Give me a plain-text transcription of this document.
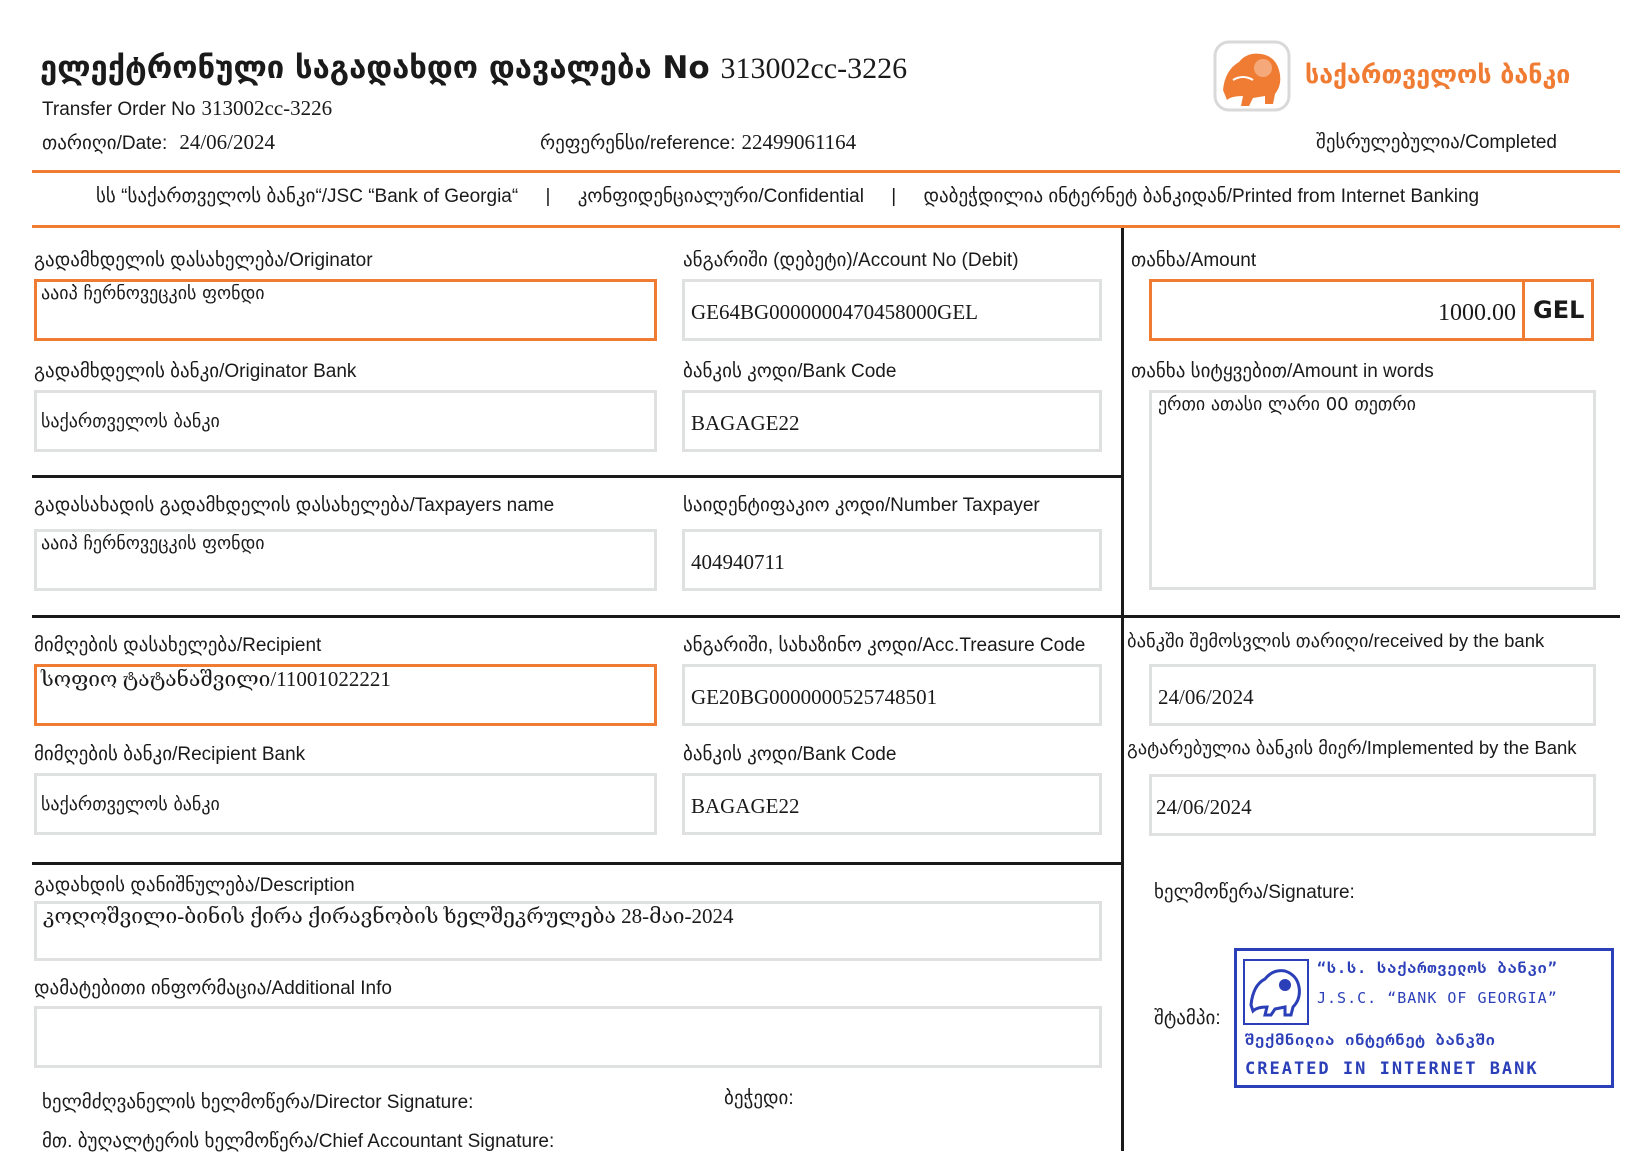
ელექტრონული საგადახდო დავალება No 313002cc-3226
Transfer Order No 313002cc-3226
თარიღი/Date: 24/06/2024	რეფერენსი/reference: 22499061164	შესრულებულია/Completed
საქართველოს ბანკი
სს “საქართველოს ბანკი“/JSC “Bank of Georgia“ | კონფიდენციალური/Confidential | დაბეჭდილია ინტერნეტ ბანკიდან/Printed from Internet Banking
გადამხდელის დასახელება/Originator
ააიპ ჩერნოვეცკის ფონდი
ანგარიში (დებეტი)/Account No (Debit)
GE64BG0000000470458000GEL
გადამხდელის ბანკი/Originator Bank
საქართველოს ბანკი
ბანკის კოდი/Bank Code
BAGAGE22
თანხა/Amount
1000.00 GEL
თანხა სიტყვებით/Amount in words
ერთი ათასი ლარი 00 თეთრი
გადასახადის გადამხდელის დასახელება/Taxpayers name
ააიპ ჩერნოვეცკის ფონდი
საიდენტიფაკიო კოდი/Number Taxpayer
404940711
მიმღების დასახელება/Recipient
სოფიო ტატანაშვილი/11001022221
ანგარიში, სახაზინო კოდი/Acc.Treasure Code
GE20BG0000000525748501
მიმღების ბანკი/Recipient Bank
საქართველოს ბანკი
ბანკის კოდი/Bank Code
BAGAGE22
ბანკში შემოსვლის თარიღი/received by the bank
24/06/2024
გატარებულია ბანკის მიერ/Implemented by the Bank
24/06/2024
გადახდის დანიშნულება/Description
კოღოშვილი-ბინის ქირა ქირავნობის ხელშეკრულება 28-მაი-2024
დამატებითი ინფორმაცია/Additional Info
ხელმძღვანელის ხელმოწერა/Director Signature:	ბეჭედი:
მთ. ბუღალტერის ხელმოწერა/Chief Accountant Signature:
ხელმოწერა/Signature:
შტამპი:
“ს.ს. საქართველოს ბანკი”
J.S.C. “BANK OF GEORGIA”
შექმნილია ინტერნეტ ბანკში
CREATED IN INTERNET BANK
